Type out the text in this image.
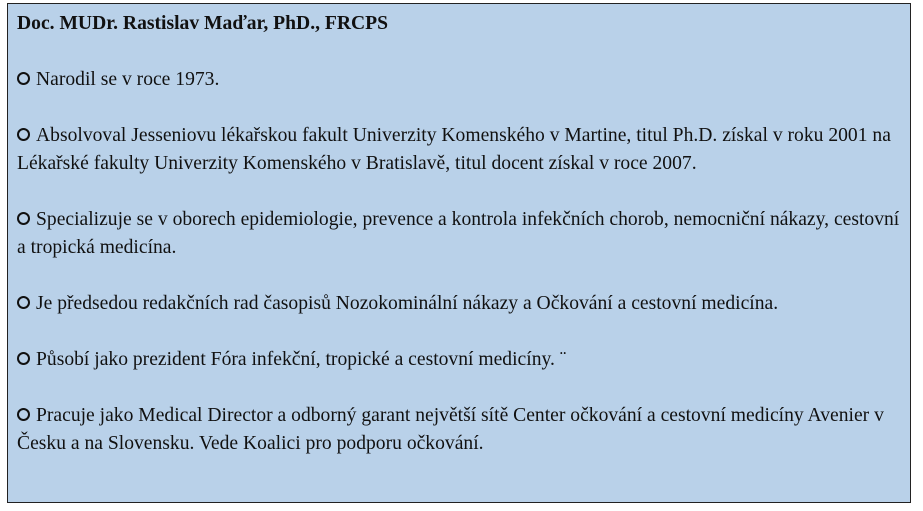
Doc. MUDr. Rastislav Maďar, PhD., FRCPS
Narodil se v roce 1973.
Absolvoval Jesseniovu lékařskou fakult Univerzity Komenského v Martine, titul Ph.D. získal v roku 2001 na Lékařské fakulty Univerzity Komenského v Bratislavě, titul docent získal v roce 2007.
Specializuje se v oborech epidemiologie, prevence a kontrola infekčních chorob, nemocniční nákazy, cestovní a tropická medicína.
Je předsedou redakčních rad časopisů Nozokominální nákazy a Očkování a cestovní medicína.
Působí jako prezident Fóra infekční, tropické a cestovní medicíny. ¨
Pracuje jako Medical Director a odborný garant největší sítě Center očkování a cestovní medicíny Avenier v Česku a na Slovensku. Vede Koalici pro podporu očkování.
